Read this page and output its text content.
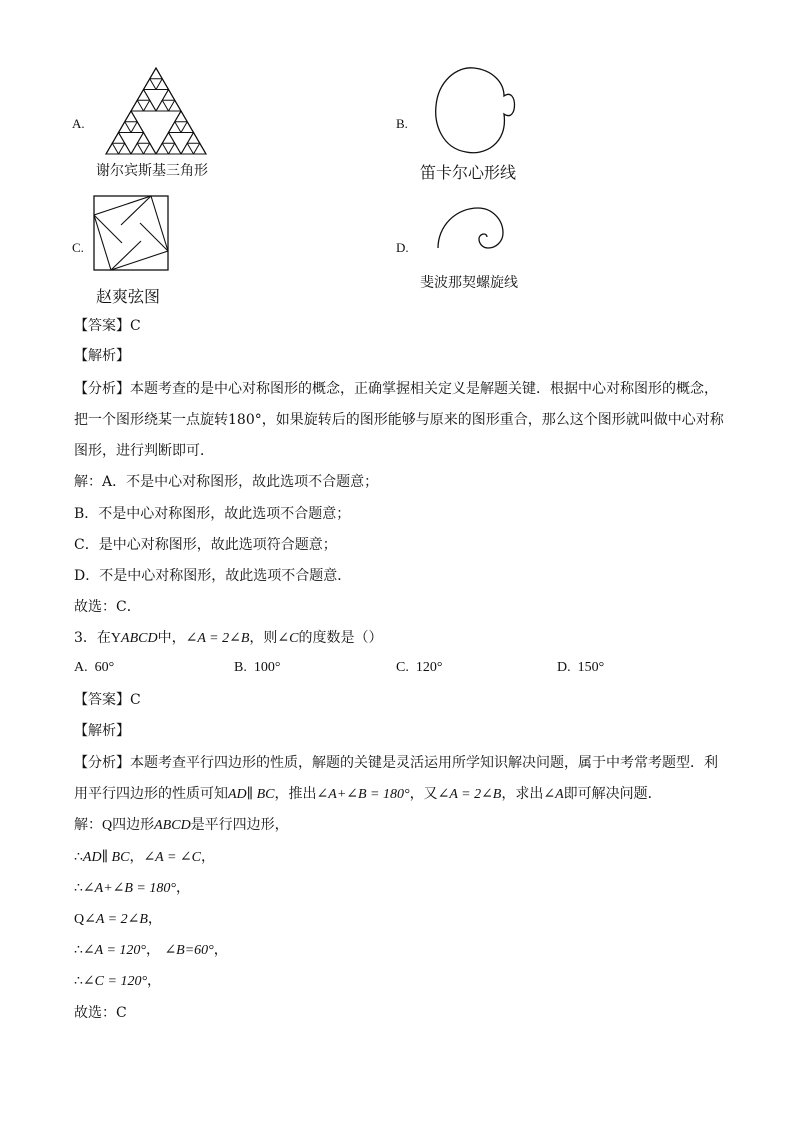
A.
谢尔宾斯基三角形
B.
笛卡尔心形线
C.
赵爽弦图
D.
斐波那契螺旋线
【答案】C
【解析】
【分析】本题考查的是中心对称图形的概念，正确掌握相关定义是解题关键．根据中心对称图形的概念，
把一个图形绕某一点旋转180°，如果旋转后的图形能够与原来的图形重合，那么这个图形就叫做中心对称
图形，进行判断即可．
解：A．不是中心对称图形，故此选项不合题意；
B．不是中心对称图形，故此选项不合题意；
C．是中心对称图形，故此选项符合题意；
D．不是中心对称图形，故此选项不合题意．
故选：C．
3．在YABCD中，∠A = 2∠B，则∠C的度数是（）
A. 60°	B. 100°	C. 120°	D. 150°
【答案】C
【解析】
【分析】本题考查平行四边形的性质，解题的关键是灵活运用所学知识解决问题，属于中考常考题型．利
用平行四边形的性质可知AD∥ BC，推出∠A+∠B = 180°，又∠A = 2∠B，求出∠A即可解决问题．
解：Q四边形ABCD是平行四边形，
∴AD∥ BC，∠A = ∠C，
∴∠A+∠B = 180°，
Q∠A = 2∠B，
∴∠A = 120°， ∠B=60°，
∴∠C = 120°，
故选：C
